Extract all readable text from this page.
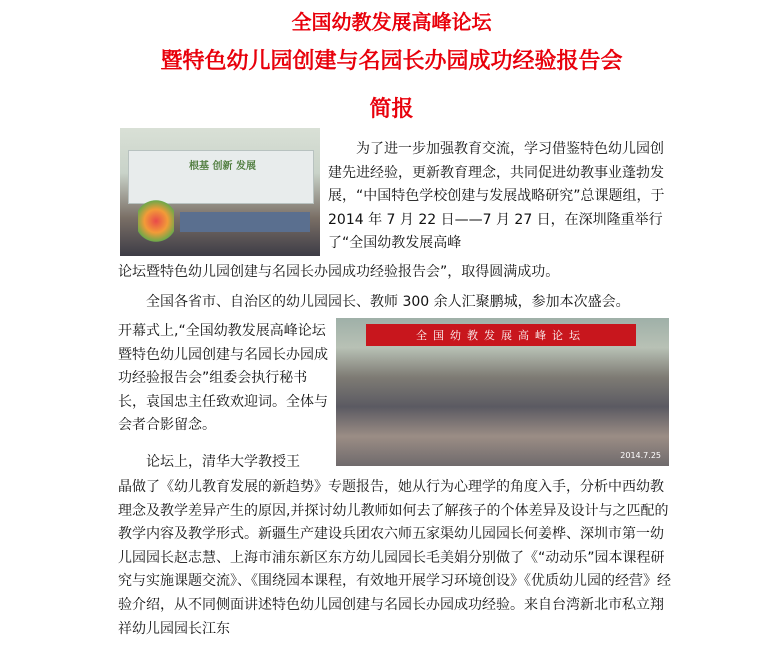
全国幼教发展高峰论坛
暨特色幼儿园创建与名园长办园成功经验报告会
简报
根基 创新 发展

为了进一步加强教育交流，学习借鉴特色幼儿园创建先进经验，更新教育理念，共同促进幼教事业蓬勃发展，“中国特色学校创建与发展战略研究”总课题组，于 2014 年 7 月 22 日——7 月 27 日，在深圳隆重举行了“全国幼教发展高峰

论坛暨特色幼儿园创建与名园长办园成功经验报告会”，取得圆满成功。

全国各省市、自治区的幼儿园园长、教师 300 余人汇聚鹏城，参加本次盛会。

全国幼教发展高峰论坛
2014.7.25

开幕式上,“全国幼教发展高峰论坛暨特色幼儿园创建与名园长办园成功经验报告会”组委会执行秘书长，袁国忠主任致欢迎词。全体与会者合影留念。

论坛上，清华大学教授王

晶做了《幼儿教育发展的新趋势》专题报告，她从行为心理学的角度入手，分析中西幼教理念及教学差异产生的原因,并探讨幼儿教师如何去了解孩子的个体差异及设计与之匹配的教学内容及教学形式。新疆生产建设兵团农六师五家渠幼儿园园长何姜桦、深圳市第一幼儿园园长赵志慧、上海市浦东新区东方幼儿园园长毛美娟分别做了《“动动乐”园本课程研究与实施课题交流》、《围绕园本课程，有效地开展学习环境创设》《优质幼儿园的经营》经验介绍，从不同侧面讲述特色幼儿园创建与名园长办园成功经验。来自台湾新北市私立翔祥幼儿园园长江东
